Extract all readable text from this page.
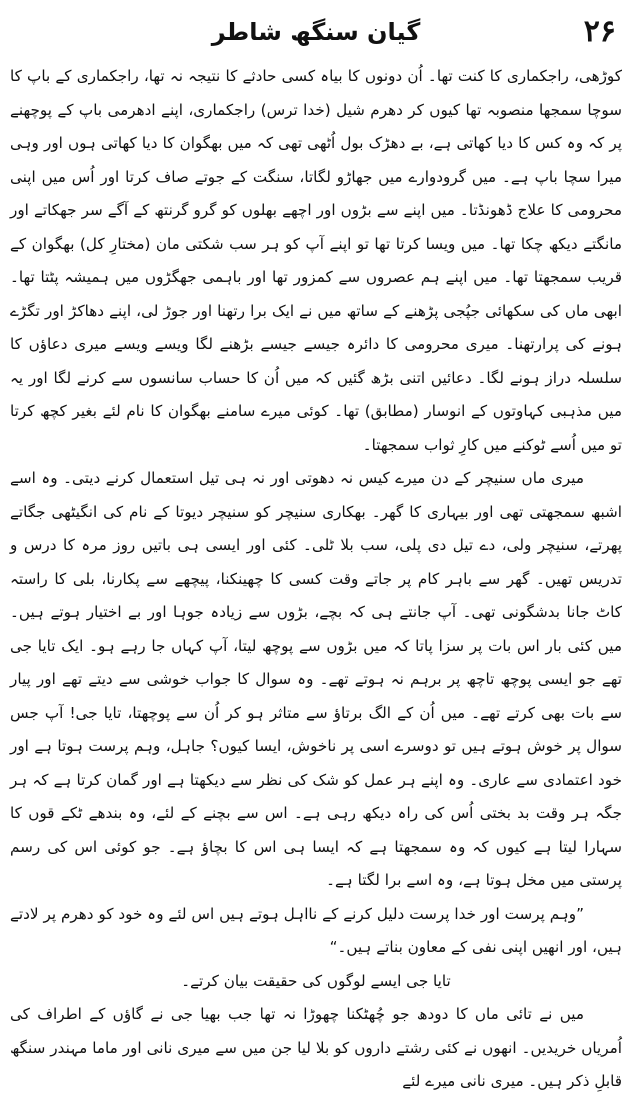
۲۶
گیان سنگھ شاطر

کوڑھی، راجکماری کا کنت تھا۔ اُن دونوں کا بیاہ کسی حادثے کا نتیجہ نہ تھا، راجکماری کے باپ کا سوچا سمجھا منصوبہ تھا کیوں کر دھرم شیل (خدا ترس) راجکماری، اپنے ادھرمی باپ کے پوچھنے پر کہ وہ کس کا دیا کھاتی ہے، بے دھڑک بول اُٹھی تھی کہ میں بھگوان کا دیا کھاتی ہوں اور وہی میرا سچا باپ ہے۔ میں گرودوارے میں جھاڑو لگاتا، سنگت کے جوتے صاف کرتا اور اُس میں اپنی محرومی کا علاج ڈھونڈتا۔ میں اپنے سے بڑوں اور اچھے بھلوں کو گرو گرنتھ کے آگے سر جھکاتے اور مانگتے دیکھ چکا تھا۔ میں ویسا کرتا تھا تو اپنے آپ کو ہر سب شکتی مان (مختارِ کل) بھگوان کے قریب سمجھتا تھا۔ میں اپنے ہم عصروں سے کمزور تھا اور باہمی جھگڑوں میں ہمیشہ پٹتا تھا۔ ابھی ماں کی سکھائی جپُجی پڑھنے کے ساتھ میں نے ایک برا رتھنا اور جوڑ لی، اپنے دھاکڑ اور تگڑے ہونے کی پرارتھنا۔ میری محرومی کا دائرہ جیسے جیسے بڑھنے لگا ویسے ویسے میری دعاؤں کا سلسلہ دراز ہونے لگا۔ دعائیں اتنی بڑھ گئیں کہ میں اُن کا حساب سانسوں سے کرنے لگا اور یہ میں مذہبی کہاوتوں کے انوسار (مطابق) تھا۔ کوئی میرے سامنے بھگوان کا نام لئے بغیر کچھ کرتا تو میں اُسے ٹوکنے میں کارِ ثواب سمجھتا۔

میری ماں سنیچر کے دن میرے کیس نہ دھوتی اور نہ ہی تیل استعمال کرنے دیتی۔ وہ اسے اشبھ سمجھتی تھی اور بیہاری کا گھر۔ بھکاری سنیچر کو سنیچر دیوتا کے نام کی انگیٹھی جگاتے پھرتے، سنیچر ولی، دے تیل دی پلی، سب بلا ٹلی۔ کئی اور ایسی ہی باتیں روز مرہ کا درس و تدریس تھیں۔ گھر سے باہر کام پر جاتے وقت کسی کا چھینکنا، پیچھے سے پکارنا، بلی کا راستہ کاٹ جانا بدشگونی تھی۔ آپ جانتے ہی کہ بچے، بڑوں سے زیادہ جوہا اور بے اختیار ہوتے ہیں۔ میں کئی بار اس بات پر سزا پاتا کہ میں بڑوں سے پوچھ لیتا، آپ کہاں جا رہے ہو۔ ایک تایا جی تھے جو ایسی پوچھ تاچھ پر برہم نہ ہوتے تھے۔ وہ سوال کا جواب خوشی سے دیتے تھے اور پیار سے بات بھی کرتے تھے۔ میں اُن کے الگ برتاؤ سے متاثر ہو کر اُن سے پوچھتا، تایا جی! آپ جس سوال پر خوش ہوتے ہیں تو دوسرے اسی پر ناخوش، ایسا کیوں؟ جاہل، وہم پرست ہوتا ہے اور خود اعتمادی سے عاری۔ وہ اپنے ہر عمل کو شک کی نظر سے دیکھتا ہے اور گمان کرتا ہے کہ ہر جگہ ہر وقت بد بختی اُس کی راہ دیکھ رہی ہے۔ اس سے بچنے کے لئے، وہ بندھے ٹکے قوں کا سہارا لیتا ہے کیوں کہ وہ سمجھتا ہے کہ ایسا ہی اس کا بچاؤ ہے۔ جو کوئی اس کی رسم پرستی میں مخل ہوتا ہے، وہ اسے برا لگتا ہے۔

”وہم پرست اور خدا پرست دلیل کرنے کے نااہل ہوتے ہیں اس لئے وہ خود کو دھرم پر لادتے ہیں، اور انھیں اپنی نفی کے معاون بناتے ہیں۔“

تایا جی ایسے لوگوں کی حقیقت بیان کرتے۔

میں نے تائی ماں کا دودھ جو چُھٹکنا چھوڑا نہ تھا جب بھیا جی نے گاؤں کے اطراف کی اُمریاں خریدیں۔ انھوں نے کئی رشتے داروں کو بلا لیا جن میں سے میری نانی اور ماما مہندر سنگھ قابلِ ذکر ہیں۔ میری نانی میرے لئے
